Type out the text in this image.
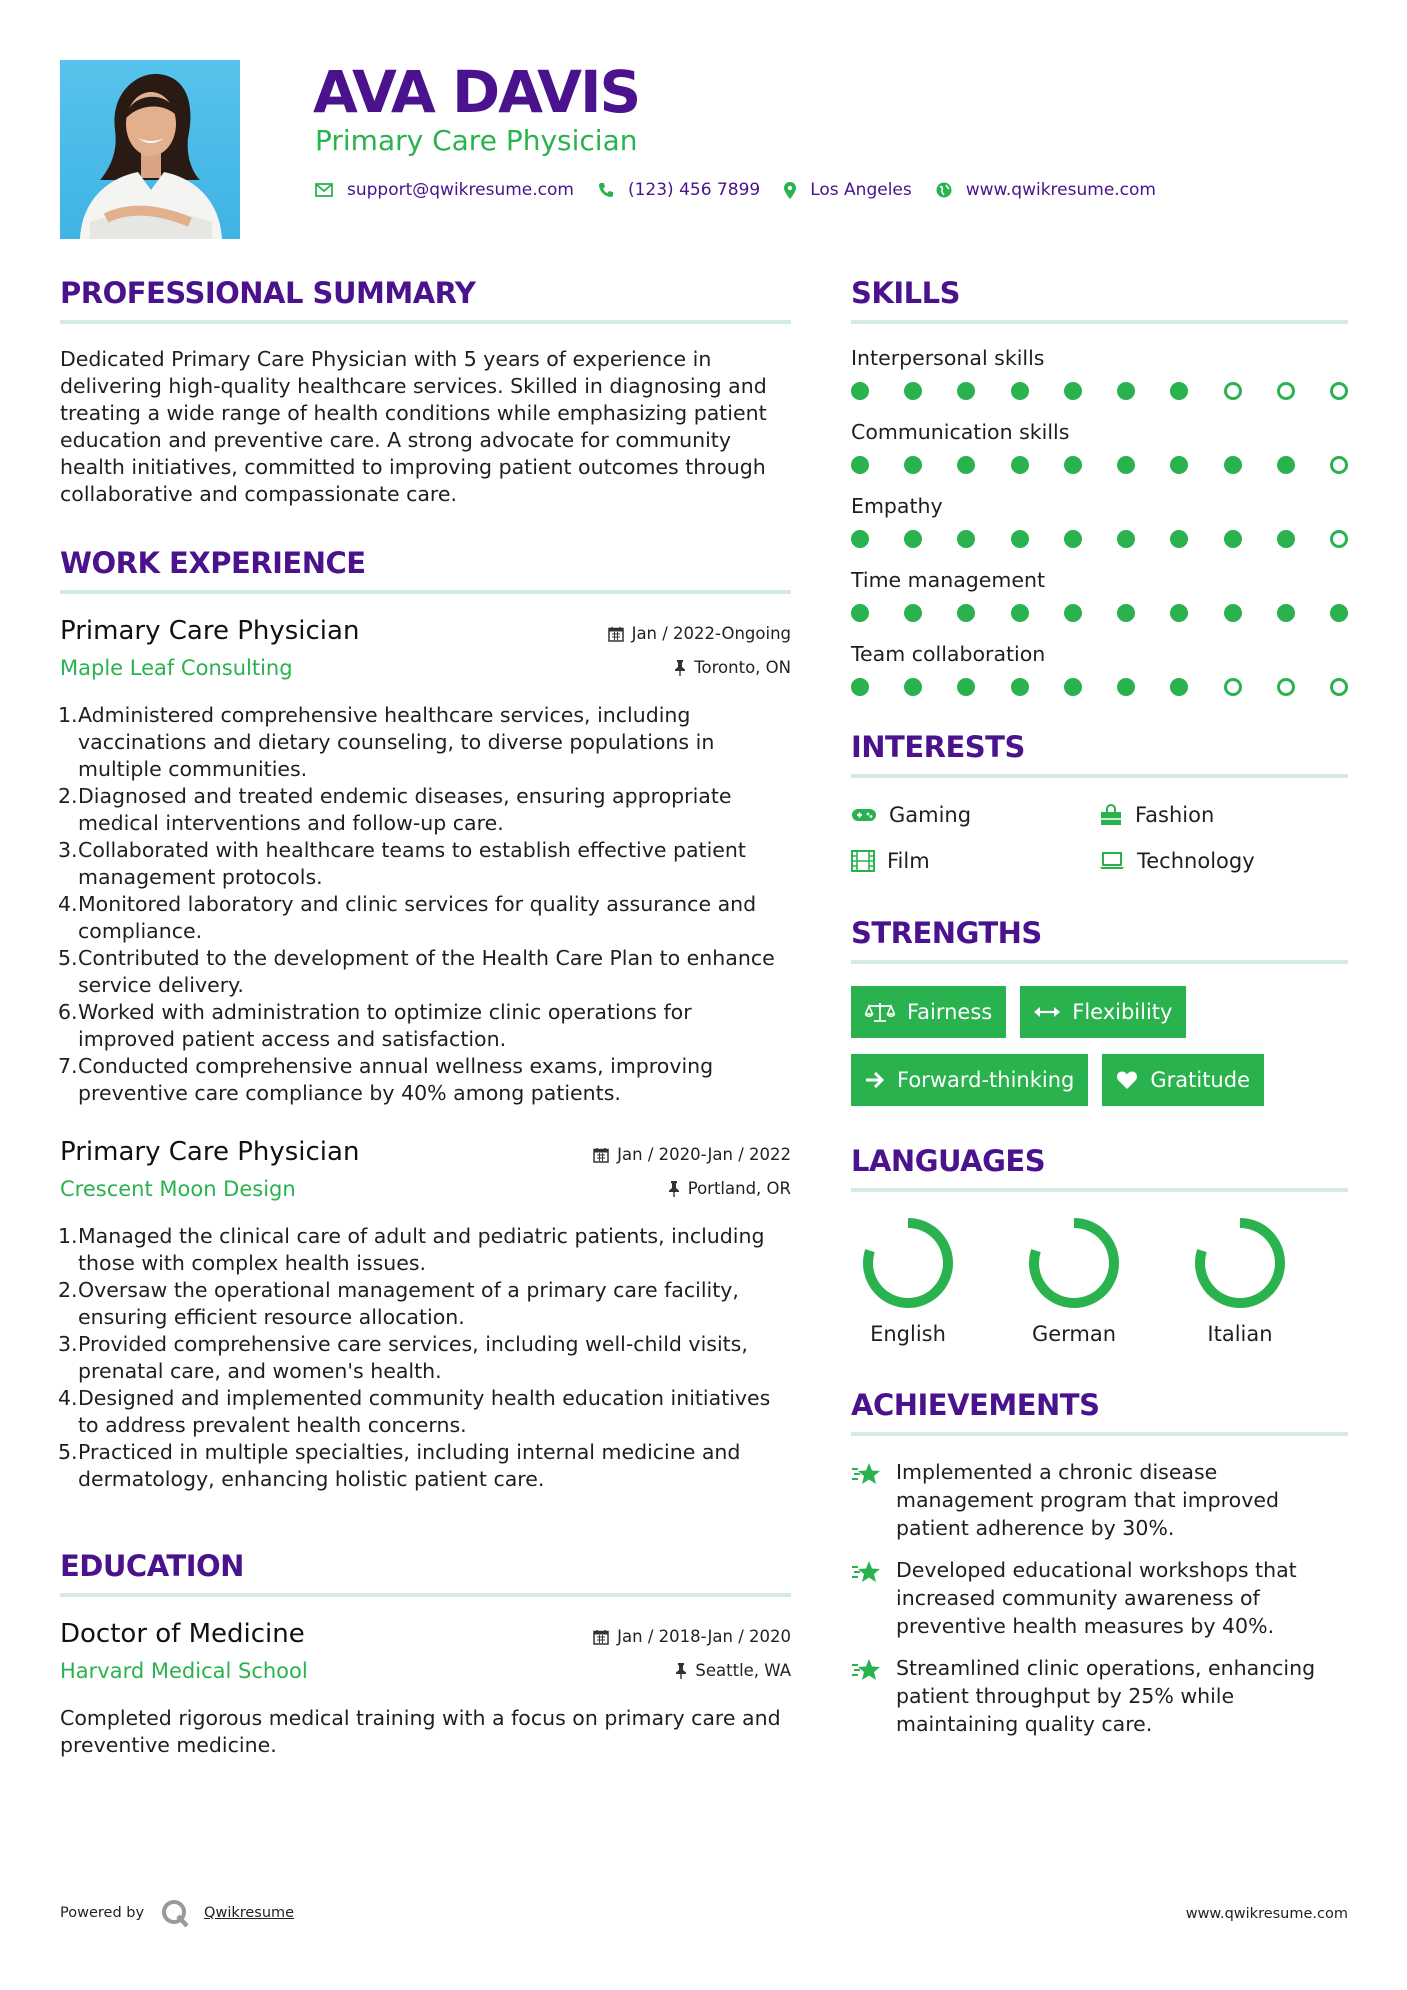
AVA DAVIS
Primary Care Physician
support@qwikresume.com	(123) 456 7899	Los Angeles	www.qwikresume.com
PROFESSIONAL SUMMARY
Dedicated Primary Care Physician with 5 years of experience in delivering high-quality healthcare services. Skilled in diagnosing and treating a wide range of health conditions while emphasizing patient education and preventive care. A strong advocate for community health initiatives, committed to improving patient outcomes through collaborative and compassionate care.
WORK EXPERIENCE
Primary Care Physician
Maple Leaf Consulting
Jan / 2022-Ongoing
Toronto, ON
1. Administered comprehensive healthcare services, including vaccinations and dietary counseling, to diverse populations in multiple communities.
2. Diagnosed and treated endemic diseases, ensuring appropriate medical interventions and follow-up care.
3. Collaborated with healthcare teams to establish effective patient management protocols.
4. Monitored laboratory and clinic services for quality assurance and compliance.
5. Contributed to the development of the Health Care Plan to enhance service delivery.
6. Worked with administration to optimize clinic operations for improved patient access and satisfaction.
7. Conducted comprehensive annual wellness exams, improving preventive care compliance by 40% among patients.
Primary Care Physician
Crescent Moon Design
Jan / 2020-Jan / 2022
Portland, OR
1. Managed the clinical care of adult and pediatric patients, including those with complex health issues.
2. Oversaw the operational management of a primary care facility, ensuring efficient resource allocation.
3. Provided comprehensive care services, including well-child visits, prenatal care, and women's health.
4. Designed and implemented community health education initiatives to address prevalent health concerns.
5. Practiced in multiple specialties, including internal medicine and dermatology, enhancing holistic patient care.
EDUCATION
Doctor of Medicine
Harvard Medical School
Jan / 2018-Jan / 2020
Seattle, WA
Completed rigorous medical training with a focus on primary care and preventive medicine.
SKILLS
Interpersonal skills
Communication skills
Empathy
Time management
Team collaboration
INTERESTS
Gaming	Fashion
Film	Technology
STRENGTHS
Fairness	Flexibility
Forward-thinking	Gratitude
LANGUAGES
English	German	Italian
ACHIEVEMENTS
Implemented a chronic disease management program that improved patient adherence by 30%.
Developed educational workshops that increased community awareness of preventive health measures by 40%.
Streamlined clinic operations, enhancing patient throughput by 25% while maintaining quality care.
Powered by	Qwikresume	www.qwikresume.com
